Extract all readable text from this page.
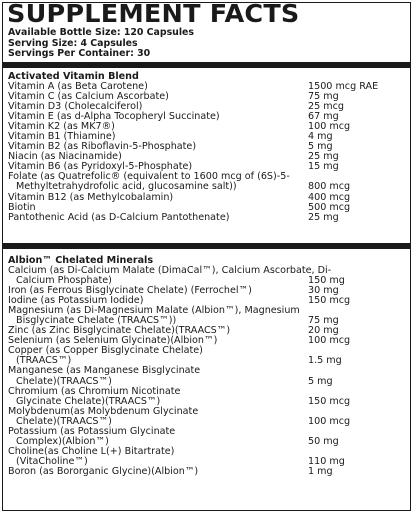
SUPPLEMENT FACTS
Available Bottle Size: 120 Capsules
Serving Size: 4 Capsules
Servings Per Container: 30
Activated Vitamin Blend
Vitamin A (as Beta Carotene)	1500 mcg RAE
Vitamin C (as Calcium Ascorbate)	75 mg
Vitamin D3 (Cholecalciferol)	25 mcg
Vitamin E (as d-Alpha Tocopheryl Succinate)	67 mg
Vitamin K2 (as MK7®)	100 mcg
Vitamin B1 (Thiamine)	4 mg
Vitamin B2 (as Riboflavin-5-Phosphate)	5 mg
Niacin (as Niacinamide)	25 mg
Vitamin B6 (as Pyridoxyl-5-Phosphate)	15 mg
Folate (as Quatrefolic® (equivalent to 1600 mcg of (6S)-5-
Methyltetrahydrofolic acid, glucosamine salt))	800 mcg
Vitamin B12 (as Methylcobalamin)	400 mcg
Biotin	500 mcg
Pantothenic Acid (as D-Calcium Pantothenate)	25 mg
Albion™ Chelated Minerals
Calcium (as Di-Calcium Malate (DimaCal™), Calcium Ascorbate, Di-
Calcium Phosphate)	150 mg
Iron (as Ferrous Bisglycinate Chelate) (Ferrochel™)	30 mg
Iodine (as Potassium Iodide)	150 mcg
Magnesium (as Di-Magnesium Malate (Albion™), Magnesium
Bisglycinate Chelate (TRAACS™))	75 mg
Zinc (as Zinc Bisglycinate Chelate)(TRAACS™)	20 mg
Selenium (as Selenium Glycinate)(Albion™)	100 mcg
Copper (as Copper Bisglycinate Chelate)
(TRAACS™)	1.5 mg
Manganese (as Manganese Bisglycinate
Chelate)(TRAACS™)	5 mg
Chromium (as Chromium Nicotinate
Glycinate Chelate)(TRAACS™)	150 mcg
Molybdenum(as Molybdenum Glycinate
Chelate)(TRAACS™)	100 mcg
Potassium (as Potassium Glycinate
Complex)(Albion™)	50 mg
Choline(as Choline L(+) Bitartrate)
(VitaCholine™)	110 mg
Boron (as Bororganic Glycine)(Albion™)	1 mg
